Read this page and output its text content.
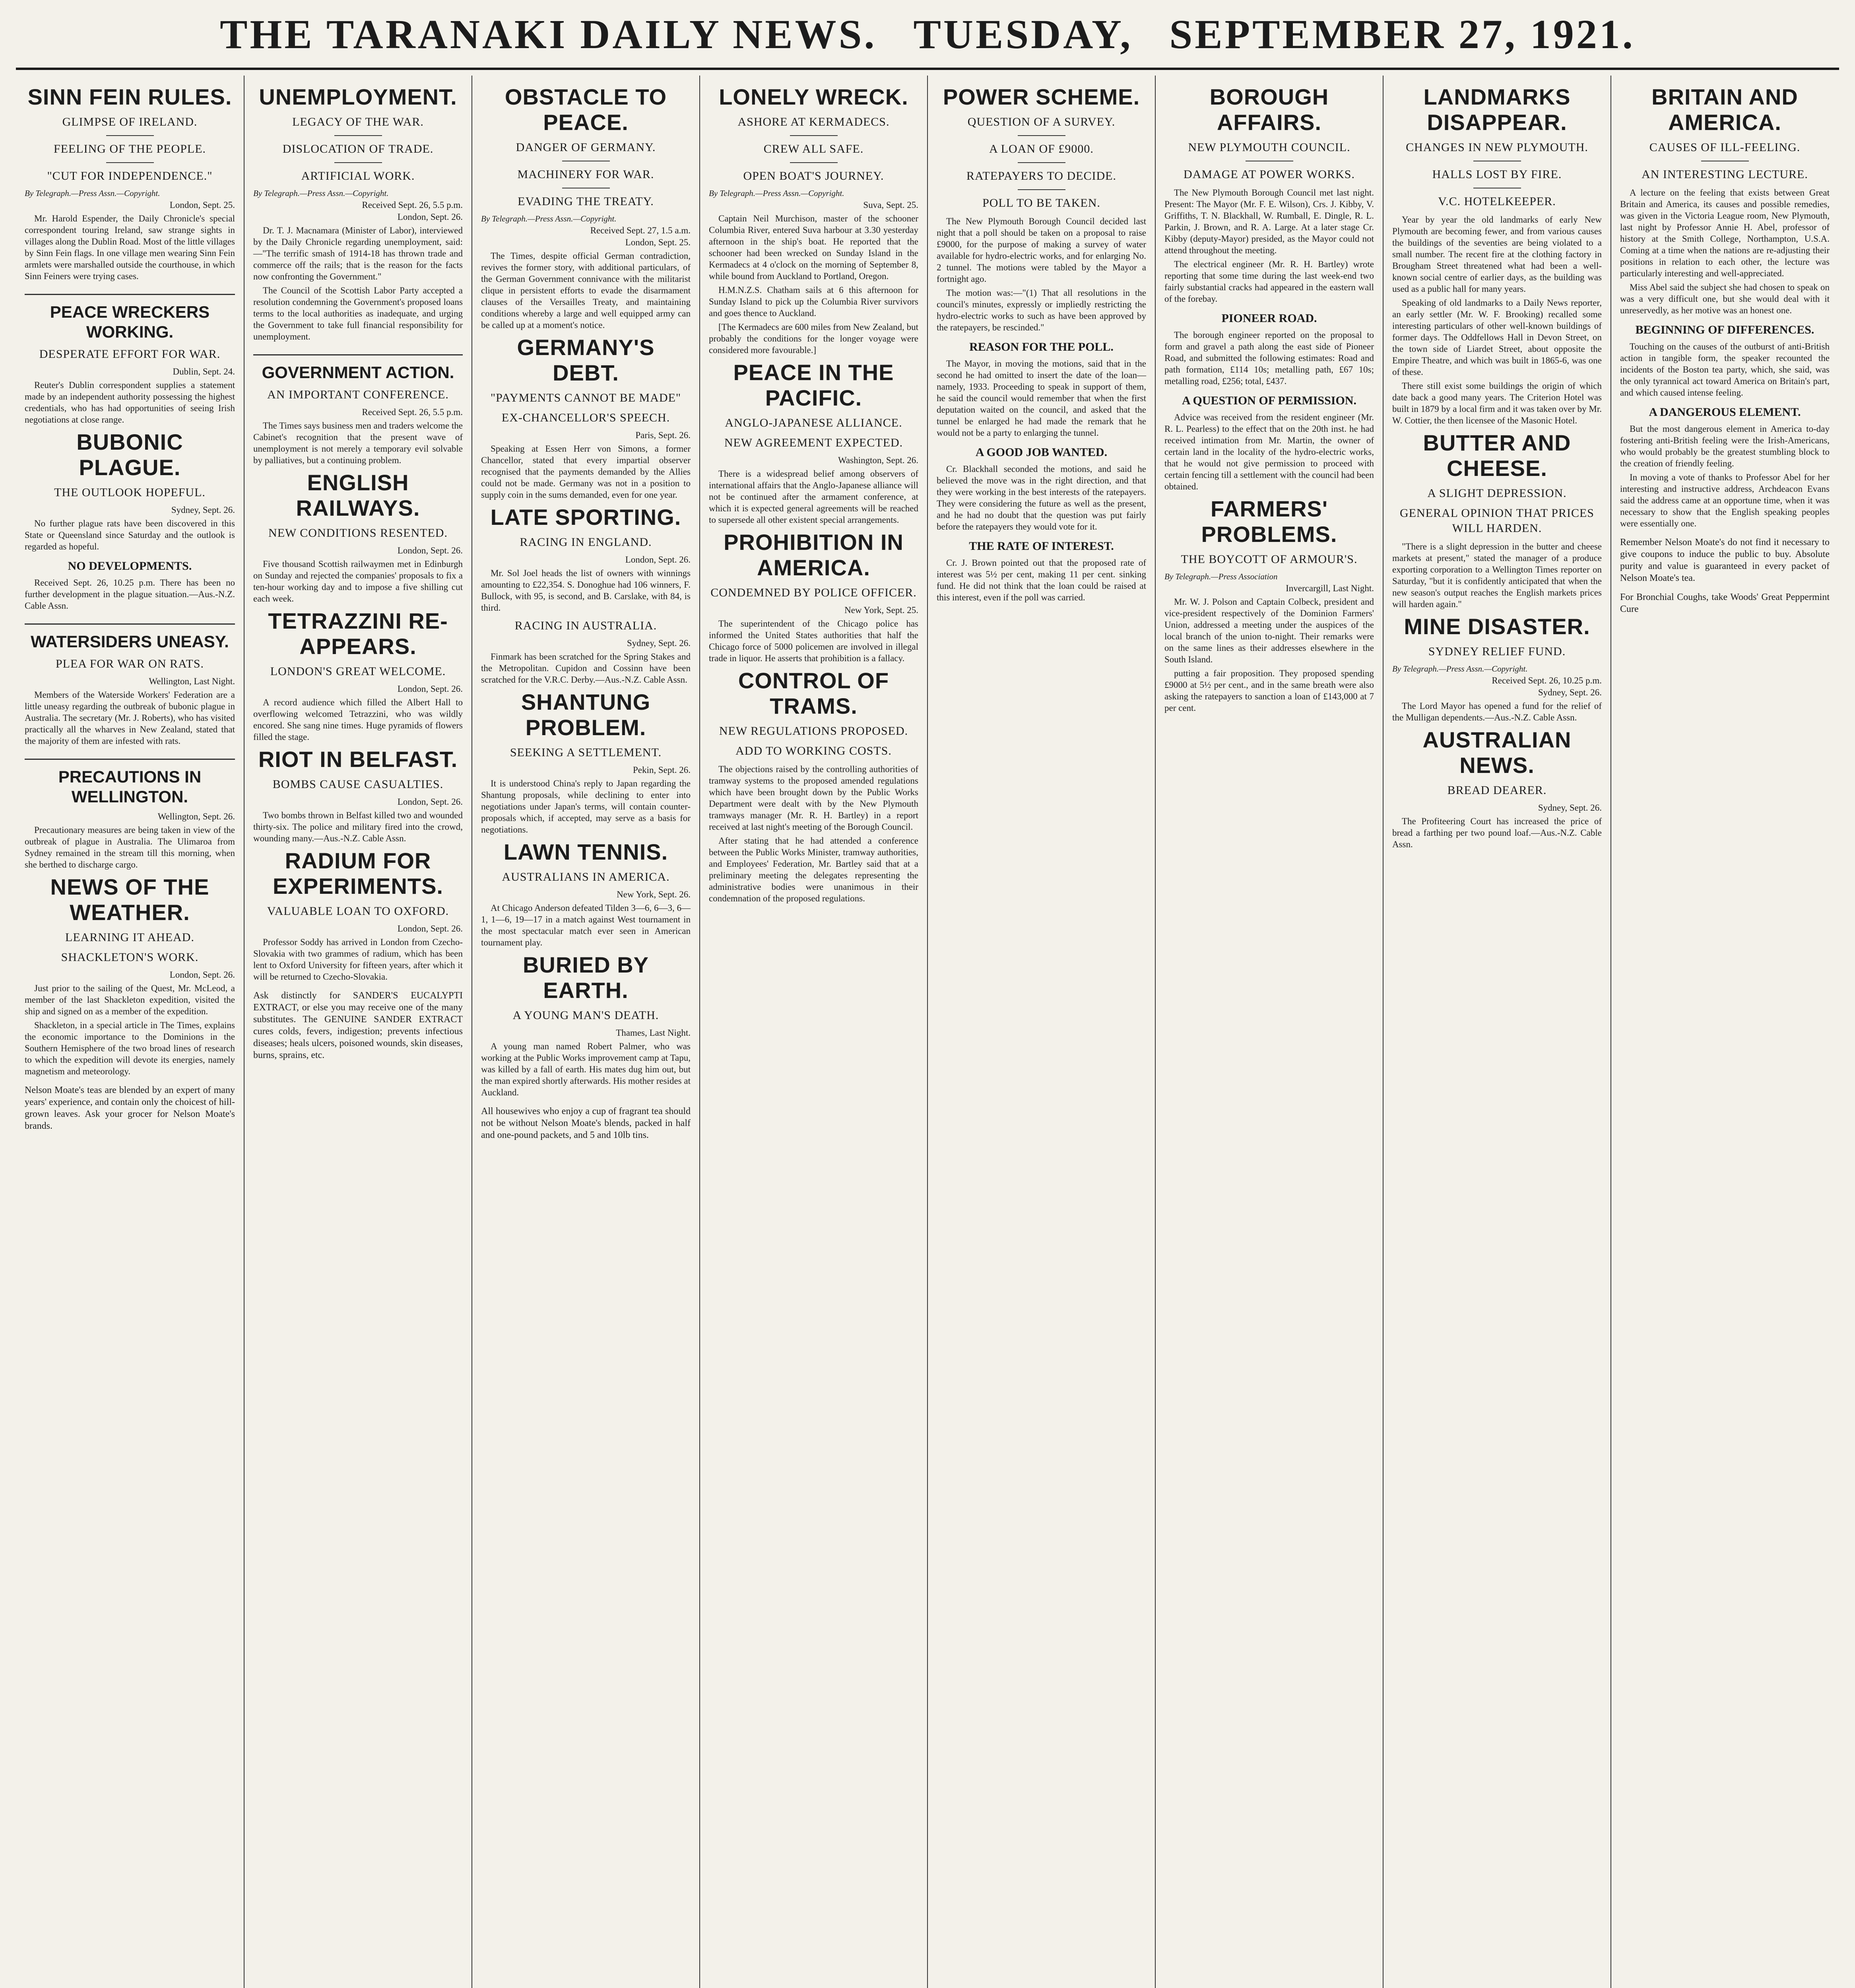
THE TARANAKI DAILY NEWS. TUESDAY, SEPTEMBER 27, 1921.
SINN FEIN RULES.
GLIMPSE OF IRELAND.
FEELING OF THE PEOPLE.
"CUT FOR INDEPENDENCE."
By Telegraph.—Press Assn.—Copyright.
London, Sept. 25.

Mr. Harold Espender, the Daily Chronicle's special correspondent touring Ireland, saw strange sights in villages along the Dublin Road. Most of the little villages by Sinn Fein flags. In one village men wearing Sinn Fein armlets were marshalled outside the courthouse, in which Sinn Feiners were trying cases.

PEACE WRECKERS WORKING.
DESPERATE EFFORT FOR WAR.
Dublin, Sept. 24.

Reuter's Dublin correspondent supplies a statement made by an independent authority possessing the highest credentials, who has had opportunities of seeing Irish negotiations at close range.

BUBONIC PLAGUE.
THE OUTLOOK HOPEFUL.
Sydney, Sept. 26.

No further plague rats have been discovered in this State or Queensland since Saturday and the outlook is regarded as hopeful.

NO DEVELOPMENTS.

Received Sept. 26, 10.25 p.m. There has been no further development in the plague situation.—Aus.-N.Z. Cable Assn.

WATERSIDERS UNEASY.
PLEA FOR WAR ON RATS.
Wellington, Last Night.

Members of the Waterside Workers' Federation are a little uneasy regarding the outbreak of bubonic plague in Australia. The secretary (Mr. J. Roberts), who has visited practically all the wharves in New Zealand, stated that the majority of them are infested with rats.

PRECAUTIONS IN WELLINGTON.
Wellington, Sept. 26.

Precautionary measures are being taken in view of the outbreak of plague in Australia. The Ulimaroa from Sydney remained in the stream till this morning, when she berthed to discharge cargo.

NEWS OF THE WEATHER.
LEARNING IT AHEAD.
SHACKLETON'S WORK.
London, Sept. 26.

Just prior to the sailing of the Quest, Mr. McLeod, a member of the last Shackleton expedition, visited the ship and signed on as a member of the expedition.

Shackleton, in a special article in The Times, explains the economic importance to the Dominions in the Southern Hemisphere of the two broad lines of research to which the expedition will devote its energies, namely magnetism and meteorology.

Nelson Moate's teas are blended by an expert of many years' experience, and contain only the choicest of hill-grown leaves. Ask your grocer for Nelson Moate's brands.

UNEMPLOYMENT.
LEGACY OF THE WAR.
DISLOCATION OF TRADE.
ARTIFICIAL WORK.
By Telegraph.—Press Assn.—Copyright.
Received Sept. 26, 5.5 p.m.
London, Sept. 26.

Dr. T. J. Macnamara (Minister of Labor), interviewed by the Daily Chronicle regarding unemployment, said:—"The terrific smash of 1914-18 has thrown trade and commerce off the rails; that is the reason for the facts now confronting the Government."

The Council of the Scottish Labor Party accepted a resolution condemning the Government's proposed loans terms to the local authorities as inadequate, and urging the Government to take full financial responsibility for unemployment.

GOVERNMENT ACTION.
AN IMPORTANT CONFERENCE.
Received Sept. 26, 5.5 p.m.

The Times says business men and traders welcome the Cabinet's recognition that the present wave of unemployment is not merely a temporary evil solvable by palliatives, but a continuing problem.

ENGLISH RAILWAYS.
NEW CONDITIONS RESENTED.
London, Sept. 26.

Five thousand Scottish railwaymen met in Edinburgh on Sunday and rejected the companies' proposals to fix a ten-hour working day and to impose a five shilling cut each week.

TETRAZZINI RE-APPEARS.
LONDON'S GREAT WELCOME.
London, Sept. 26.

A record audience which filled the Albert Hall to overflowing welcomed Tetrazzini, who was wildly encored. She sang nine times. Huge pyramids of flowers filled the stage.

RIOT IN BELFAST.
BOMBS CAUSE CASUALTIES.
London, Sept. 26.

Two bombs thrown in Belfast killed two and wounded thirty-six. The police and military fired into the crowd, wounding many.—Aus.-N.Z. Cable Assn.

RADIUM FOR EXPERIMENTS.
VALUABLE LOAN TO OXFORD.
London, Sept. 26.

Professor Soddy has arrived in London from Czecho-Slovakia with two grammes of radium, which has been lent to Oxford University for fifteen years, after which it will be returned to Czecho-Slovakia.

Ask distinctly for SANDER'S EUCALYPTI EXTRACT, or else you may receive one of the many substitutes. The GENUINE SANDER EXTRACT cures colds, fevers, indigestion; prevents infectious diseases; heals ulcers, poisoned wounds, skin diseases, burns, sprains, etc.

OBSTACLE TO PEACE.
DANGER OF GERMANY.
MACHINERY FOR WAR.
EVADING THE TREATY.
By Telegraph.—Press Assn.—Copyright.
Received Sept. 27, 1.5 a.m.
London, Sept. 25.

The Times, despite official German contradiction, revives the former story, with additional particulars, of the German Government connivance with the militarist clique in persistent efforts to evade the disarmament clauses of the Versailles Treaty, and maintaining conditions whereby a large and well equipped army can be called up at a moment's notice.

GERMANY'S DEBT.
"PAYMENTS CANNOT BE MADE"
EX-CHANCELLOR'S SPEECH.
Paris, Sept. 26.

Speaking at Essen Herr von Simons, a former Chancellor, stated that every impartial observer recognised that the payments demanded by the Allies could not be made. Germany was not in a position to supply coin in the sums demanded, even for one year.

LATE SPORTING.
RACING IN ENGLAND.
London, Sept. 26.

Mr. Sol Joel heads the list of owners with winnings amounting to £22,354. S. Donoghue had 106 winners, F. Bullock, with 95, is second, and B. Carslake, with 84, is third.

RACING IN AUSTRALIA.
Sydney, Sept. 26.

Finmark has been scratched for the Spring Stakes and the Metropolitan. Cupidon and Cossinn have been scratched for the V.R.C. Derby.—Aus.-N.Z. Cable Assn.

SHANTUNG PROBLEM.
SEEKING A SETTLEMENT.
Pekin, Sept. 26.

It is understood China's reply to Japan regarding the Shantung proposals, while declining to enter into negotiations under Japan's terms, will contain counter-proposals which, if accepted, may serve as a basis for negotiations.

LAWN TENNIS.
AUSTRALIANS IN AMERICA.
New York, Sept. 26.

At Chicago Anderson defeated Tilden 3—6, 6—3, 6—1, 1—6, 19—17 in a match against West tournament in the most spectacular match ever seen in American tournament play.

BURIED BY EARTH.
A YOUNG MAN'S DEATH.
Thames, Last Night.

A young man named Robert Palmer, who was working at the Public Works improvement camp at Tapu, was killed by a fall of earth. His mates dug him out, but the man expired shortly afterwards. His mother resides at Auckland.

All housewives who enjoy a cup of fragrant tea should not be without Nelson Moate's blends, packed in half and one-pound packets, and 5 and 10lb tins.

LONELY WRECK.
ASHORE AT KERMADECS.
CREW ALL SAFE.
OPEN BOAT'S JOURNEY.
By Telegraph.—Press Assn.—Copyright.
Suva, Sept. 25.

Captain Neil Murchison, master of the schooner Columbia River, entered Suva harbour at 3.30 yesterday afternoon in the ship's boat. He reported that the schooner had been wrecked on Sunday Island in the Kermadecs at 4 o'clock on the morning of September 8, while bound from Auckland to Portland, Oregon.

H.M.N.Z.S. Chatham sails at 6 this afternoon for Sunday Island to pick up the Columbia River survivors and goes thence to Auckland.

[The Kermadecs are 600 miles from New Zealand, but probably the conditions for the longer voyage were considered more favourable.]

PEACE IN THE PACIFIC.
ANGLO-JAPANESE ALLIANCE.
NEW AGREEMENT EXPECTED.
Washington, Sept. 26.

There is a widespread belief among observers of international affairs that the Anglo-Japanese alliance will not be continued after the armament conference, at which it is expected general agreements will be reached to supersede all other existent special arrangements.

PROHIBITION IN AMERICA.
CONDEMNED BY POLICE OFFICER.
New York, Sept. 25.

The superintendent of the Chicago police has informed the United States authorities that half the Chicago force of 5000 policemen are involved in illegal trade in liquor. He asserts that prohibition is a fallacy.

CONTROL OF TRAMS.
NEW REGULATIONS PROPOSED.
ADD TO WORKING COSTS.

The objections raised by the controlling authorities of tramway systems to the proposed amended regulations which have been brought down by the Public Works Department were dealt with by the New Plymouth tramways manager (Mr. R. H. Bartley) in a report received at last night's meeting of the Borough Council.

After stating that he had attended a conference between the Public Works Minister, tramway authorities, and Employees' Federation, Mr. Bartley said that at a preliminary meeting the delegates representing the administrative bodies were unanimous in their condemnation of the proposed regulations.

POWER SCHEME.
QUESTION OF A SURVEY.
A LOAN OF £9000.
RATEPAYERS TO DECIDE.
POLL TO BE TAKEN.

The New Plymouth Borough Council decided last night that a poll should be taken on a proposal to raise £9000, for the purpose of making a survey of water available for hydro-electric works, and for enlarging No. 2 tunnel. The motions were tabled by the Mayor a fortnight ago.

The motion was:—"(1) That all resolutions in the council's minutes, expressly or impliedly restricting the hydro-electric works to such as have been approved by the ratepayers, be rescinded."

REASON FOR THE POLL.

The Mayor, in moving the motions, said that in the second he had omitted to insert the date of the loan—namely, 1933. Proceeding to speak in support of them, he said the council would remember that when the first deputation waited on the council, and asked that the tunnel be enlarged he had made the remark that he would not be a party to enlarging the tunnel.

A GOOD JOB WANTED.

Cr. Blackhall seconded the motions, and said he believed the move was in the right direction, and that they were working in the best interests of the ratepayers. They were considering the future as well as the present, and he had no doubt that the question was put fairly before the ratepayers they would vote for it.

THE RATE OF INTEREST.

Cr. J. Brown pointed out that the proposed rate of interest was 5½ per cent, making 11 per cent. sinking fund. He did not think that the loan could be raised at this interest, even if the poll was carried.

BOROUGH AFFAIRS.
NEW PLYMOUTH COUNCIL.
DAMAGE AT POWER WORKS.

The New Plymouth Borough Council met last night. Present: The Mayor (Mr. F. E. Wilson), Crs. J. Kibby, V. Griffiths, T. N. Blackhall, W. Rumball, E. Dingle, R. L. Parkin, J. Brown, and R. A. Large. At a later stage Cr. Kibby (deputy-Mayor) presided, as the Mayor could not attend throughout the meeting.

The electrical engineer (Mr. R. H. Bartley) wrote reporting that some time during the last week-end two fairly substantial cracks had appeared in the eastern wall of the forebay.

PIONEER ROAD.

The borough engineer reported on the proposal to form and gravel a path along the east side of Pioneer Road, and submitted the following estimates: Road and path formation, £114 10s; metalling path, £67 10s; metalling road, £256; total, £437.

A QUESTION OF PERMISSION.

Advice was received from the resident engineer (Mr. R. L. Pearless) to the effect that on the 20th inst. he had received intimation from Mr. Martin, the owner of certain land in the locality of the hydro-electric works, that he would not give permission to proceed with certain fencing till a settlement with the council had been obtained.

FARMERS' PROBLEMS.
THE BOYCOTT OF ARMOUR'S.
By Telegraph.—Press Association
Invercargill, Last Night.

Mr. W. J. Polson and Captain Colbeck, president and vice-president respectively of the Dominion Farmers' Union, addressed a meeting under the auspices of the local branch of the union to-night. Their remarks were on the same lines as their addresses elsewhere in the South Island.

putting a fair proposition. They proposed spending £9000 at 5½ per cent., and in the same breath were also asking the ratepayers to sanction a loan of £143,000 at 7 per cent.

LANDMARKS DISAPPEAR.
CHANGES IN NEW PLYMOUTH.
HALLS LOST BY FIRE.
V.C. HOTELKEEPER.

Year by year the old landmarks of early New Plymouth are becoming fewer, and from various causes the buildings of the seventies are being violated to a small number. The recent fire at the clothing factory in Brougham Street threatened what had been a well-known social centre of earlier days, as the building was used as a public hall for many years.

Speaking of old landmarks to a Daily News reporter, an early settler (Mr. W. F. Brooking) recalled some interesting particulars of other well-known buildings of former days. The Oddfellows Hall in Devon Street, on the town side of Liardet Street, about opposite the Empire Theatre, and which was built in 1865-6, was one of these.

There still exist some buildings the origin of which date back a good many years. The Criterion Hotel was built in 1879 by a local firm and it was taken over by Mr. W. Cottier, the then licensee of the Masonic Hotel.

BUTTER AND CHEESE.
A SLIGHT DEPRESSION.
GENERAL OPINION THAT PRICES WILL HARDEN.

"There is a slight depression in the butter and cheese markets at present," stated the manager of a produce exporting corporation to a Wellington Times reporter on Saturday, "but it is confidently anticipated that when the new season's output reaches the English markets prices will harden again."

MINE DISASTER.
SYDNEY RELIEF FUND.
By Telegraph.—Press Assn.—Copyright.
Received Sept. 26, 10.25 p.m.
Sydney, Sept. 26.

The Lord Mayor has opened a fund for the relief of the Mulligan dependents.—Aus.-N.Z. Cable Assn.

AUSTRALIAN NEWS.
BREAD DEARER.
Sydney, Sept. 26.

The Profiteering Court has increased the price of bread a farthing per two pound loaf.—Aus.-N.Z. Cable Assn.

BRITAIN AND AMERICA.
CAUSES OF ILL-FEELING.
AN INTERESTING LECTURE.

A lecture on the feeling that exists between Great Britain and America, its causes and possible remedies, was given in the Victoria League room, New Plymouth, last night by Professor Annie H. Abel, professor of history at the Smith College, Northampton, U.S.A. Coming at a time when the nations are re-adjusting their positions in relation to each other, the lecture was particularly interesting and well-appreciated.

Miss Abel said the subject she had chosen to speak on was a very difficult one, but she would deal with it unreservedly, as her motive was an honest one.

BEGINNING OF DIFFERENCES.

Touching on the causes of the outburst of anti-British action in tangible form, the speaker recounted the incidents of the Boston tea party, which, she said, was the only tyrannical act toward America on Britain's part, and which caused intense feeling.

A DANGEROUS ELEMENT.

But the most dangerous element in America to-day fostering anti-British feeling were the Irish-Americans, who would probably be the greatest stumbling block to the creation of friendly feeling.

In moving a vote of thanks to Professor Abel for her interesting and instructive address, Archdeacon Evans said the address came at an opportune time, when it was necessary to show that the English speaking peoples were essentially one.

Remember Nelson Moate's do not find it necessary to give coupons to induce the public to buy. Absolute purity and value is guaranteed in every packet of Nelson Moate's tea.

For Bronchial Coughs, take Woods' Great Peppermint Cure
